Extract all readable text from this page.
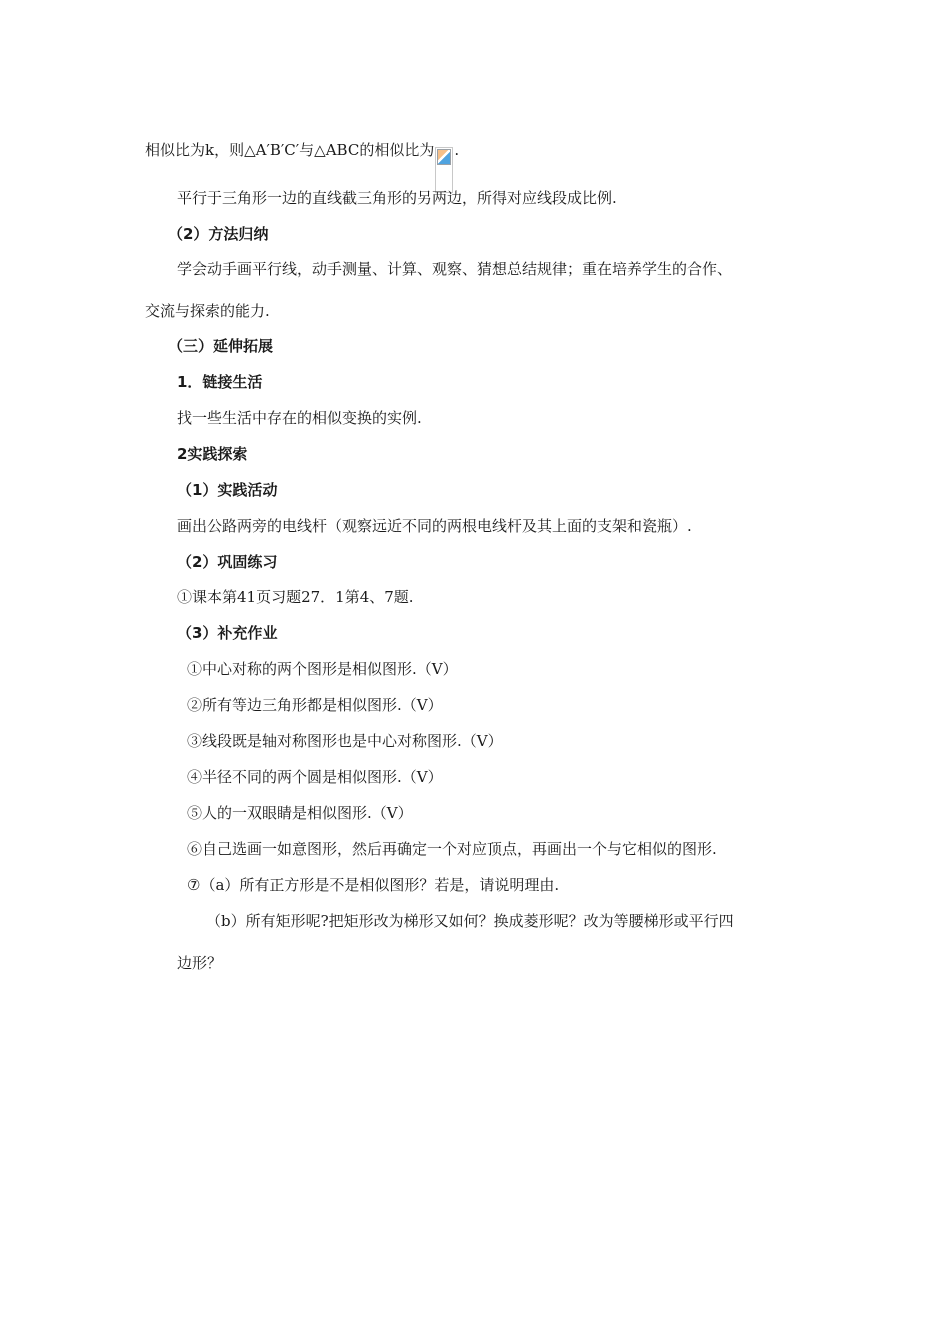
相似比为k，则△A′B′C′与△ABC的相似比为 .
平行于三角形一边的直线截三角形的另两边，所得对应线段成比例.
（2）方法归纳
学会动手画平行线，动手测量、计算、观察、猜想总结规律；重在培养学生的合作、
交流与探索的能力.
（三）延伸拓展
1．链接生活
找一些生活中存在的相似变换的实例.
2实践探索
（1）实践活动
画出公路两旁的电线杆（观察远近不同的两根电线杆及其上面的支架和瓷瓶）.
（2）巩固练习
①课本第41页习题27．1第4、7题.
（3）补充作业
①中心对称的两个图形是相似图形.（V）
②所有等边三角形都是相似图形.（V）
③线段既是轴对称图形也是中心对称图形.（V）
④半径不同的两个圆是相似图形.（V）
⑤人的一双眼睛是相似图形.（V）
⑥自己选画一如意图形，然后再确定一个对应顶点，再画出一个与它相似的图形.
⑦（a）所有正方形是不是相似图形？若是，请说明理由.
（b）所有矩形呢?把矩形改为梯形又如何？换成菱形呢？改为等腰梯形或平行四
边形？
